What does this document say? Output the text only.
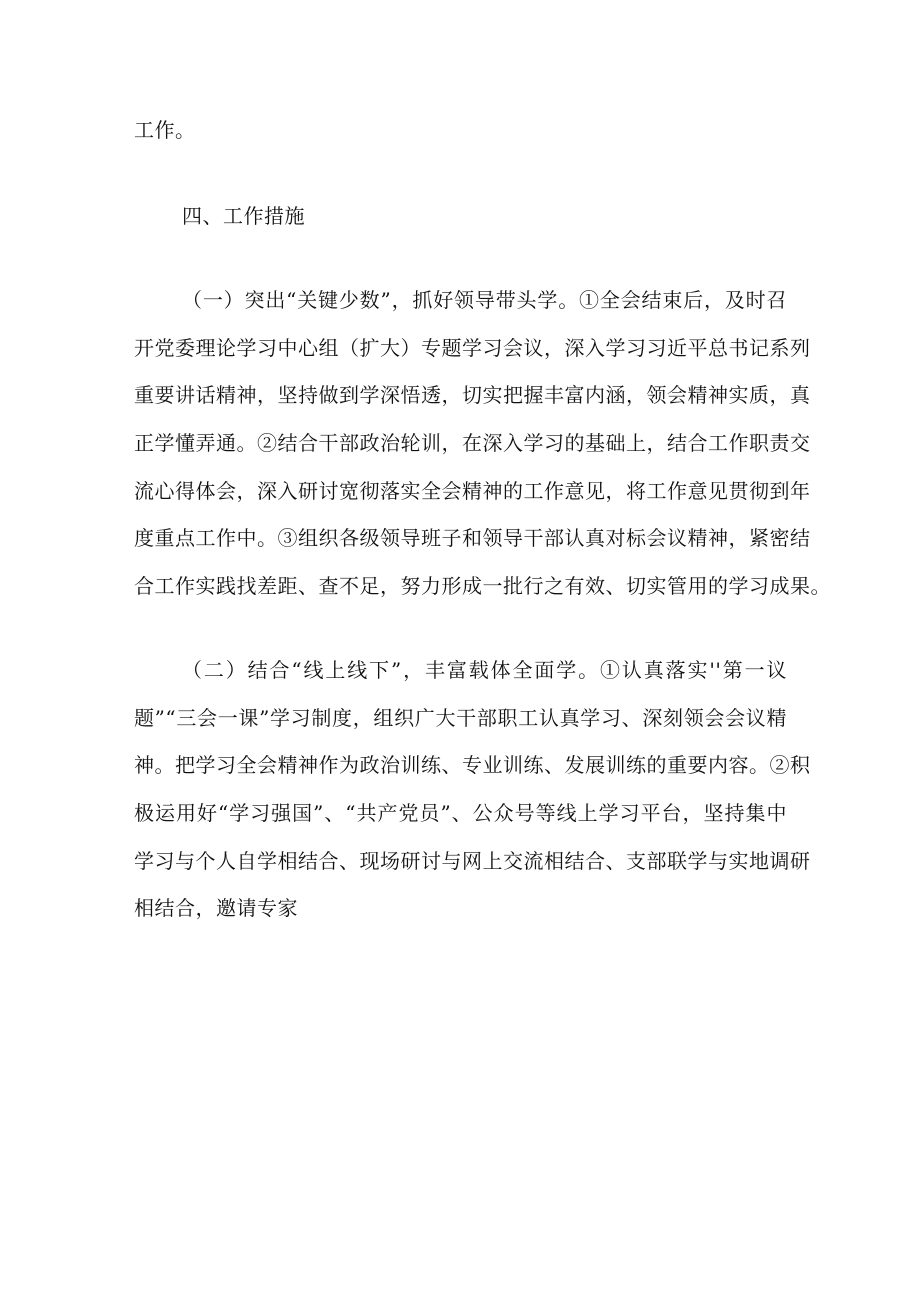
工作。
四、工作措施
（一）突出“关键少数”，抓好领导带头学。①全会结束后，及时召
开党委理论学习中心组（扩大）专题学习会议，深入学习习近平总书记系列
重要讲话精神，坚持做到学深悟透，切实把握丰富内涵，领会精神实质，真
正学懂弄通。②结合干部政治轮训，在深入学习的基础上，结合工作职责交
流心得体会，深入研讨宽彻落实全会精神的工作意见，将工作意见贯彻到年
度重点工作中。③组织各级领导班子和领导干部认真对标会议精神，紧密结
合工作实践找差距、查不足，努力形成一批行之有效、切实管用的学习成果。
（二）结合“线上线下”，丰富载体全面学。①认真落实''第一议
题”“三会一课”学习制度，组织广大干部职工认真学习、深刻领会会议精
神。把学习全会精神作为政治训练、专业训练、发展训练的重要内容。②积
极运用好“学习强国”、“共产党员”、公众号等线上学习平台，坚持集中
学习与个人自学相结合、现场研讨与网上交流相结合、支部联学与实地调研
相结合，邀请专家
